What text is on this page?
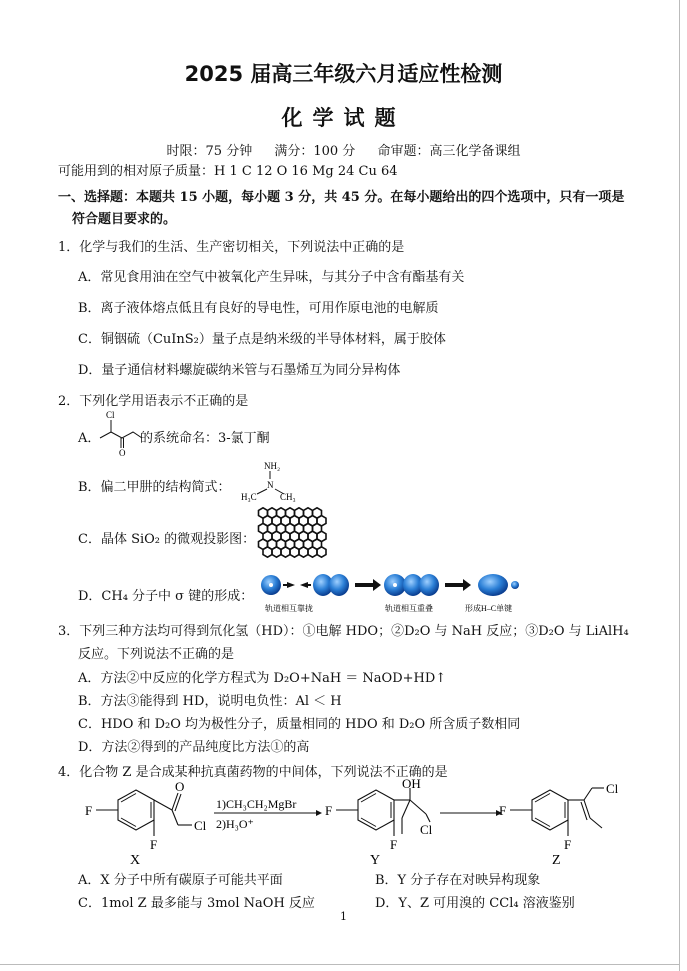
2025 届高三年级六月适应性检测
化学试题
时限：75 分钟 满分：100 分 命审题：高三化学备课组
可能用到的相对原子质量：H 1 C 12 O 16 Mg 24 Cu 64
一、选择题：本题共 15 小题，每小题 3 分，共 45 分。在每小题给出的四个选项中，只有一项是
符合题目要求的。
1．化学与我们的生活、生产密切相关，下列说法中正确的是
A．常见食用油在空气中被氧化产生异味，与其分子中含有酯基有关
B．离子液体熔点低且有良好的导电性，可用作原电池的电解质
C．铜铟硫（CuInS₂）量子点是纳米级的半导体材料，属于胶体
D．量子通信材料螺旋碳纳米管与石墨烯互为同分异构体
2．下列化学用语表示不正确的是
A．
Cl
O
的系统命名：3-氯丁酮
B．偏二甲肼的结构简式：
NH₂
N
H₃C	CH₃
C．晶体 SiO₂ 的微观投影图：
D．CH₄ 分子中 σ 键的形成：
轨道相互靠拢	轨道相互重叠	形成H–C单键
3．下列三种方法均可得到氘化氢（HD）：①电解 HDO；②D₂O 与 NaH 反应；③D₂O 与 LiAlH₄
反应。下列说法不正确的是
A．方法②中反应的化学方程式为 D₂O+NaH ＝ NaOD+HD↑
B．方法③能得到 HD，说明电负性：Al ＜ H
C．HDO 和 D₂O 均为极性分子，质量相同的 HDO 和 D₂O 所含质子数相同
D．方法②得到的产品纯度比方法①的高
4．化合物 Z 是合成某种抗真菌药物的中间体，下列说法不正确的是
F
F
O
Cl
X
1)CH₃CH₂MgBr
2)H₃O⁺
F
F
OH
Cl
Y
F
F
Cl
Z
A．X 分子中所有碳原子可能共平面	B．Y 分子存在对映异构现象
C．1mol Z 最多能与 3mol NaOH 反应	D．Y、Z 可用溴的 CCl₄ 溶液鉴别
1
